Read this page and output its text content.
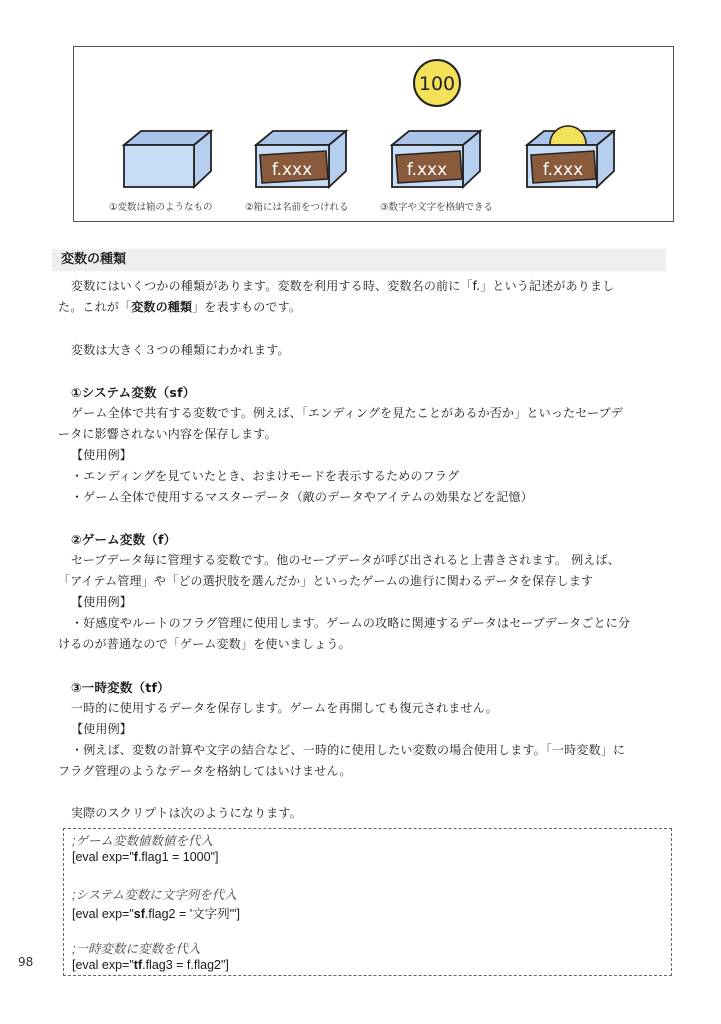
100
f.xxx	f.xxx	f.xxx
①変数は箱のようなもの	②箱には名前をつけれる	③数字や文字を格納できる
変数の種類
変数にはいくつかの種類があります。変数を利用する時、変数名の前に「f.」という記述がありまし
た。これが「変数の種類」を表すものです。
変数は大きく３つの種類にわかれます。
①システム変数（sf）
ゲーム全体で共有する変数です。例えば、「エンディングを見たことがあるか否か」といったセーブデ
ータに影響されない内容を保存します。
【使用例】
・エンディングを見ていたとき、おまけモードを表示するためのフラグ
・ゲーム全体で使用するマスターデータ（敵のデータやアイテムの効果などを記憶）
②ゲーム変数（f）
セーブデータ毎に管理する変数です。他のセーブデータが呼び出されると上書きされます。 例えば、
「アイテム管理」や「どの選択肢を選んだか」といったゲームの進行に関わるデータを保存します
【使用例】
・好感度やルートのフラグ管理に使用します。ゲームの攻略に関連するデータはセーブデータごとに分
けるのが普通なので「ゲーム変数」を使いましょう。
③一時変数（tf）
一時的に使用するデータを保存します。ゲームを再開しても復元されません。
【使用例】
・例えば、変数の計算や文字の結合など、一時的に使用したい変数の場合使用します。「一時変数」に
フラグ管理のようなデータを格納してはいけません。
実際のスクリプトは次のようになります。
;ゲーム変数値数値を代入
[eval exp="f.flag1 = 1000"]
;システム変数に文字列を代入
[eval exp="sf.flag2 = '文字列'"]
;一時変数に変数を代入
[eval exp="tf.flag3 = f.flag2"]
98
